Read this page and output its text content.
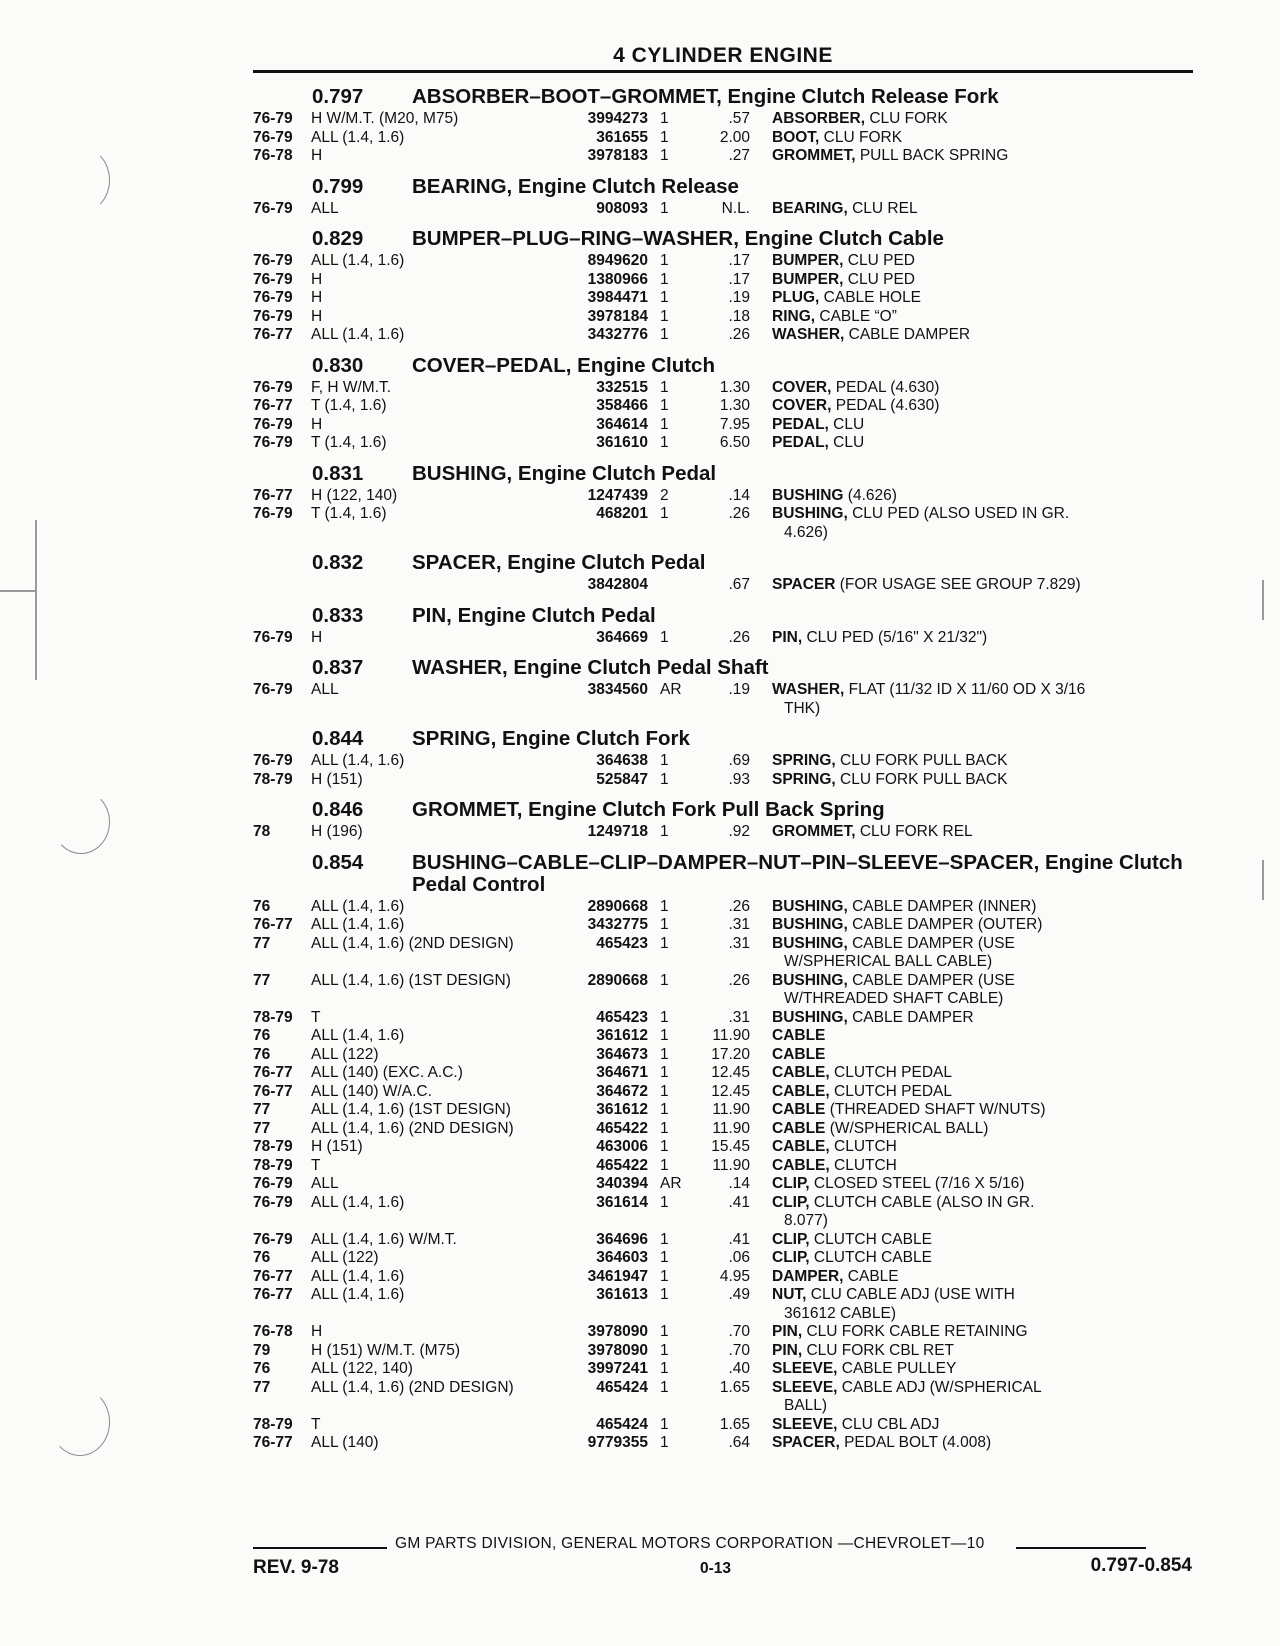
4 CYLINDER ENGINE
0.797	ABSORBER–BOOT–GROMMET, Engine Clutch Release Fork
76-79	H W/M.T. (M20, M75)	3994273 1	.57 ABSORBER, CLU FORK
76-79	ALL (1.4, 1.6)	361655 1	2.00 BOOT, CLU FORK
76-78	H	3978183 1	.27 GROMMET, PULL BACK SPRING
0.799	BEARING, Engine Clutch Release
76-79	ALL	908093 1	N.L. BEARING, CLU REL
0.829	BUMPER–PLUG–RING–WASHER, Engine Clutch Cable
76-79	ALL (1.4, 1.6)	8949620 1	.17 BUMPER, CLU PED
76-79	H	1380966 1	.17 BUMPER, CLU PED
76-79	H	3984471 1	.19 PLUG, CABLE HOLE
76-79	H	3978184 1	.18 RING, CABLE “O”
76-77	ALL (1.4, 1.6)	3432776 1	.26 WASHER, CABLE DAMPER
0.830	COVER–PEDAL, Engine Clutch
76-79	F, H W/M.T.	332515 1	1.30 COVER, PEDAL (4.630)
76-77	T (1.4, 1.6)	358466 1	1.30 COVER, PEDAL (4.630)
76-79	H	364614 1	7.95 PEDAL, CLU
76-79	T (1.4, 1.6)	361610 1	6.50 PEDAL, CLU
0.831	BUSHING, Engine Clutch Pedal
76-77	H (122, 140)	1247439 2	.14 BUSHING (4.626)
76-79	T (1.4, 1.6)	468201 1	.26 BUSHING, CLU PED (ALSO USED IN GR.
4.626)
0.832	SPACER, Engine Clutch Pedal
3842804	.67 SPACER (FOR USAGE SEE GROUP 7.829)
0.833	PIN, Engine Clutch Pedal
76-79	H	364669 1	.26 PIN, CLU PED (5/16" X 21/32")
0.837	WASHER, Engine Clutch Pedal Shaft
76-79	ALL	3834560 AR	.19 WASHER, FLAT (11/32 ID X 11/60 OD X 3/16
THK)
0.844	SPRING, Engine Clutch Fork
76-79	ALL (1.4, 1.6)	364638 1	.69 SPRING, CLU FORK PULL BACK
78-79	H (151)	525847 1	.93 SPRING, CLU FORK PULL BACK
0.846	GROMMET, Engine Clutch Fork Pull Back Spring
78	H (196)	1249718 1	.92 GROMMET, CLU FORK REL
0.854	BUSHING–CABLE–CLIP–DAMPER–NUT–PIN–SLEEVE–SPACER, Engine Clutch Pedal Control
76	ALL (1.4, 1.6)	2890668 1	.26 BUSHING, CABLE DAMPER (INNER)
76-77	ALL (1.4, 1.6)	3432775 1	.31 BUSHING, CABLE DAMPER (OUTER)
77	ALL (1.4, 1.6) (2ND DESIGN)	465423 1	.31 BUSHING, CABLE DAMPER (USE
W/SPHERICAL BALL CABLE)
77	ALL (1.4, 1.6) (1ST DESIGN)	2890668 1	.26 BUSHING, CABLE DAMPER (USE
W/THREADED SHAFT CABLE)
78-79	T	465423 1	.31 BUSHING, CABLE DAMPER
76	ALL (1.4, 1.6)	361612 1	11.90 CABLE
76	ALL (122)	364673 1	17.20 CABLE
76-77	ALL (140) (EXC. A.C.)	364671 1	12.45 CABLE, CLUTCH PEDAL
76-77	ALL (140) W/A.C.	364672 1	12.45 CABLE, CLUTCH PEDAL
77	ALL (1.4, 1.6) (1ST DESIGN)	361612 1	11.90 CABLE (THREADED SHAFT W/NUTS)
77	ALL (1.4, 1.6) (2ND DESIGN)	465422 1	11.90 CABLE (W/SPHERICAL BALL)
78-79	H (151)	463006 1	15.45 CABLE, CLUTCH
78-79	T	465422 1	11.90 CABLE, CLUTCH
76-79	ALL	340394 AR	.14 CLIP, CLOSED STEEL (7/16 X 5/16)
76-79	ALL (1.4, 1.6)	361614 1	.41 CLIP, CLUTCH CABLE (ALSO IN GR.
8.077)
76-79	ALL (1.4, 1.6) W/M.T.	364696 1	.41 CLIP, CLUTCH CABLE
76	ALL (122)	364603 1	.06 CLIP, CLUTCH CABLE
76-77	ALL (1.4, 1.6)	3461947 1	4.95 DAMPER, CABLE
76-77	ALL (1.4, 1.6)	361613 1	.49 NUT, CLU CABLE ADJ (USE WITH
361612 CABLE)
76-78	H	3978090 1	.70 PIN, CLU FORK CABLE RETAINING
79	H (151) W/M.T. (M75)	3978090 1	.70 PIN, CLU FORK CBL RET
76	ALL (122, 140)	3997241 1	.40 SLEEVE, CABLE PULLEY
77	ALL (1.4, 1.6) (2ND DESIGN)	465424 1	1.65 SLEEVE, CABLE ADJ (W/SPHERICAL
BALL)
78-79	T	465424 1	1.65 SLEEVE, CLU CBL ADJ
76-77	ALL (140)	9779355 1	.64 SPACER, PEDAL BOLT (4.008)
GM PARTS DIVISION, GENERAL MOTORS CORPORATION —CHEVROLET—10
REV. 9-78	0-13	0.797-0.854
